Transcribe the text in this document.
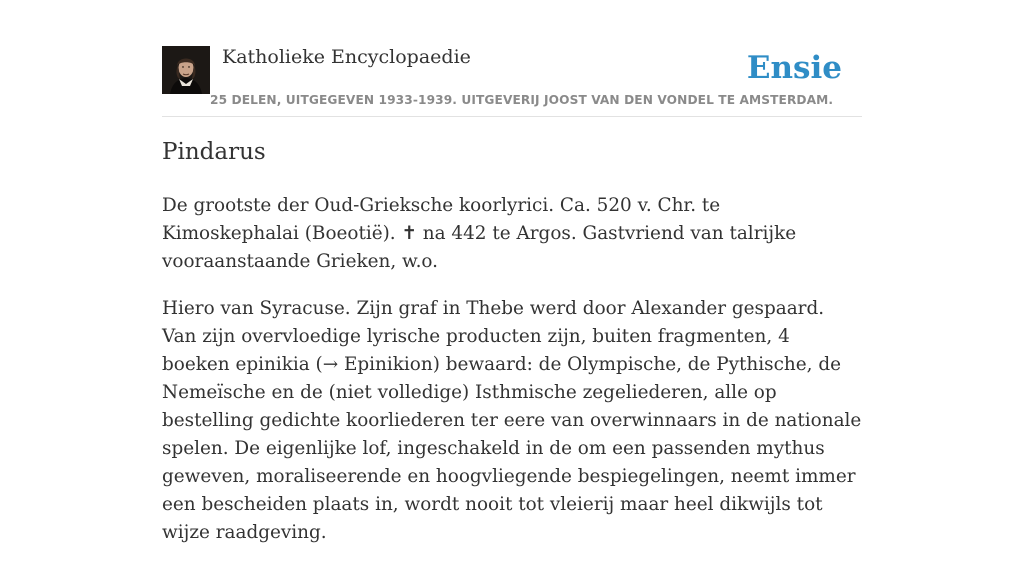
Katholieke Encyclopaedie
25 DELEN, UITGEGEVEN 1933-1939. UITGEVERIJ JOOST VAN DEN VONDEL TE AMSTERDAM.
Ensie
Pindarus

De grootste der Oud-Grieksche koorlyrici. Ca. 520 v. Chr. te Kimoskephalai (Boeotië). ✝ na 442 te Argos. Gastvriend van talrijke vooraanstaande Grieken, w.o.

Hiero van Syracuse. Zijn graf in Thebe werd door Alexander gespaard. Van zijn overvloedige lyrische producten zijn, buiten fragmenten, 4 boeken epinikia (→ Epinikion) bewaard: de Olympische, de Pythische, de Nemeïsche en de (niet volledige) Isthmische zegeliederen, alle op bestelling gedichte koorliederen ter eere van overwinnaars in de nationale spelen. De eigenlijke lof, ingeschakeld in de om een passenden mythus geweven, moraliseerende en hoogvliegende bespiegelingen, neemt immer een bescheiden plaats in, wordt nooit tot vleierij maar heel dikwijls tot wijze raadgeving.
